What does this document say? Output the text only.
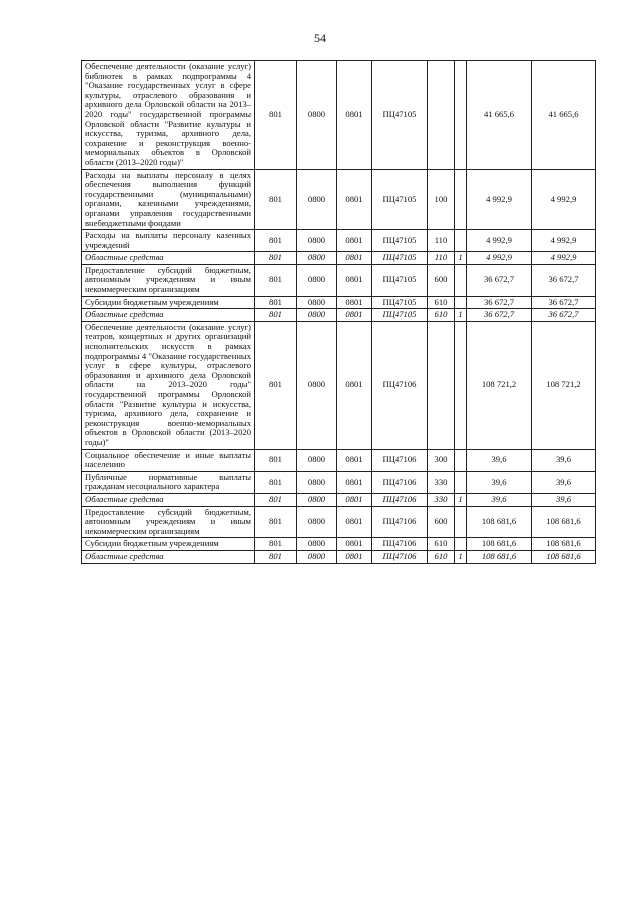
54
Обеспечение деятельности (оказание услуг) библиотек в рамках подпрограммы 4 "Оказание государственных услуг в сфере культуры, отраслевого образования и архивного дела Орловской области на 2013–2020 годы" государственной программы Орловской области "Развитие культуры и искусства, туризма, архивного дела, сохранение и реконструкция военно-мемориальных объектов в Орловской области (2013–2020 годы)"	801	0800	0801	ПЦ47105			41 665,6	41 665,6
Расходы на выплаты персоналу в целях обеспечения выполнения функций государственными (муниципальными) органами, казенными учреждениями, органами управления государственными внебюджетными фондами	801	0800	0801	ПЦ47105	100		4 992,9	4 992,9
Расходы на выплаты персоналу казенных учреждений	801	0800	0801	ПЦ47105	110		4 992,9	4 992,9
Областные средства	801	0800	0801	ПЦ47105	110	1	4 992,9	4 992,9
Предоставление субсидий бюджетным, автономным учреждениям и иным некоммерческим организациям	801	0800	0801	ПЦ47105	600		36 672,7	36 672,7
Субсидии бюджетным учреждениям	801	0800	0801	ПЦ47105	610		36 672,7	36 672,7
Областные средства	801	0800	0801	ПЦ47105	610	1	36 672,7	36 672,7
Обеспечение деятельности (оказание услуг) театров, концертных и других организаций исполнительских искусств в рамках подпрограммы 4 "Оказание государственных услуг в сфере культуры, отраслевого образования и архивного дела Орловской области на 2013–2020 годы" государственной программы Орловской области "Развитие культуры и искусства, туризма, архивного дела, сохранение и реконструкция военно-мемориальных объектов в Орловской области (2013–2020 годы)"	801	0800	0801	ПЦ47106			108 721,2	108 721,2
Социальное обеспечение и иные выплаты населению	801	0800	0801	ПЦ47106	300		39,6	39,6
Публичные нормативные выплаты гражданам несоциального характера	801	0800	0801	ПЦ47106	330		39,6	39,6
Областные средства	801	0800	0801	ПЦ47106	330	1	39,6	39,6
Предоставление субсидий бюджетным, автономным учреждениям и иным некоммерческим организациям	801	0800	0801	ПЦ47106	600		108 681,6	108 681,6
Субсидии бюджетным учреждениям	801	0800	0801	ПЦ47106	610		108 681,6	108 681,6
Областные средства	801	0800	0801	ПЦ47106	610	1	108 681,6	108 681,6
